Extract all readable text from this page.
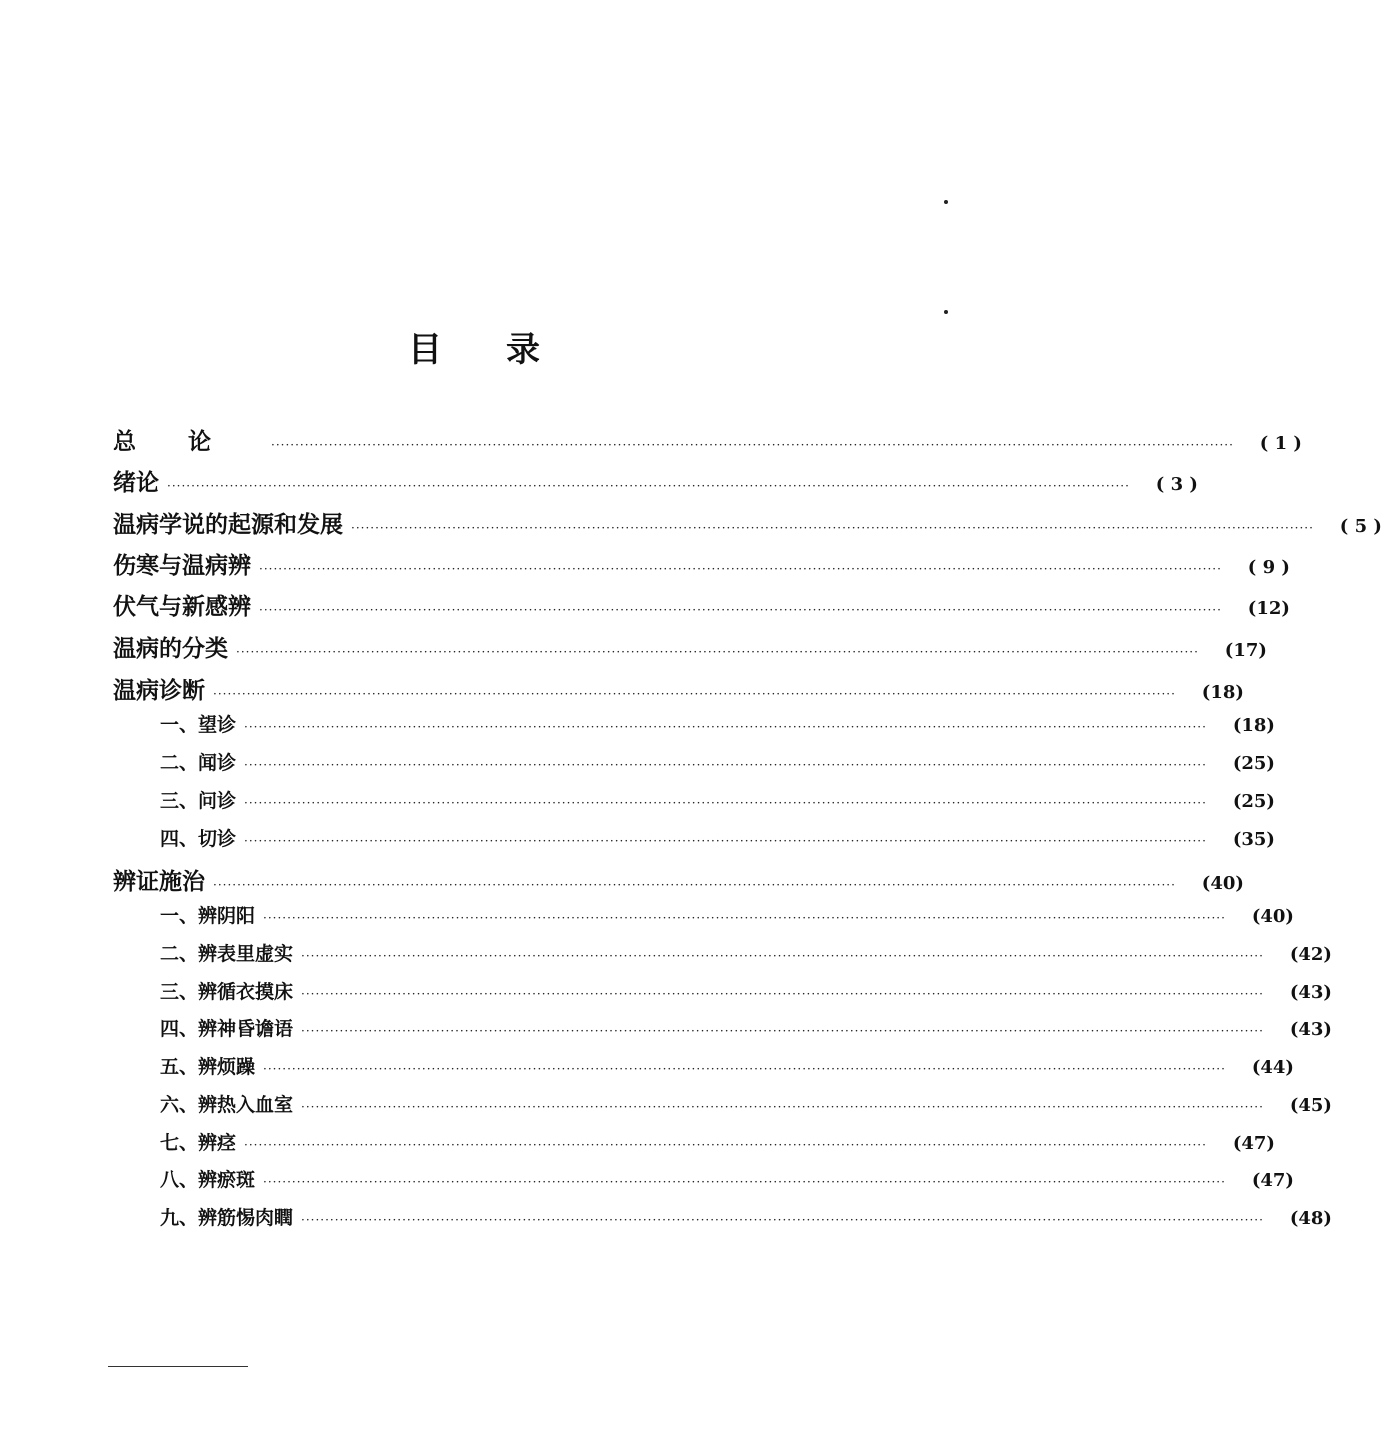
目 录
总论 ········································································································································································································	( 1 )
绪论 ········································································································································································································	( 3 )
温病学说的起源和发展 ········································································································································································································	( 5 )
伤寒与温病辨 ········································································································································································································	( 9 )
伏气与新感辨 ········································································································································································································	(12)
温病的分类 ········································································································································································································	(17)
温病诊断 ········································································································································································································	(18)
一、望诊 ········································································································································································································	(18)
二、闻诊 ········································································································································································································	(25)
三、问诊 ········································································································································································································	(25)
四、切诊 ········································································································································································································	(35)
辨证施治 ········································································································································································································	(40)
一、辨阴阳 ········································································································································································································	(40)
二、辨表里虚实 ········································································································································································································	(42)
三、辨循衣摸床 ········································································································································································································	(43)
四、辨神昏谵语 ········································································································································································································	(43)
五、辨烦躁 ········································································································································································································	(44)
六、辨热入血室 ········································································································································································································	(45)
七、辨痉 ········································································································································································································	(47)
八、辨瘀斑 ········································································································································································································	(47)
九、辨筋惕肉瞤 ········································································································································································································	(48)
